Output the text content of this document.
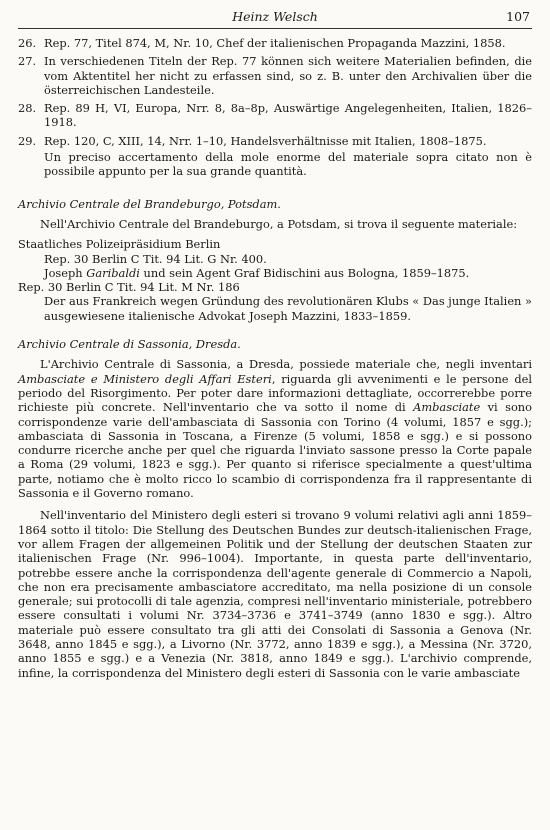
Heinz Welsch	107

26. Rep. 77, Titel 874, M, Nr. 10, Chef der italienischen Propaganda Mazzini, 1858.

27. In verschiedenen Titeln der Rep. 77 können sich weitere Materialien befinden, die vom Aktentitel her nicht zu erfassen sind, so z. B. unter den Archivalien über die österreichischen Landesteile.

28. Rep. 89 H, VI, Europa, Nrr. 8, 8a–8p, Auswärtige Angelegenheiten, Italien, 1826–1918.

29. Rep. 120, C, XIII, 14, Nrr. 1–10, Handelsverhältnisse mit Italien, 1808–1875.

Un preciso accertamento della mole enorme del materiale sopra citato non è possibile appunto per la sua grande quantità.

Archivio Centrale del Brandeburgo, Potsdam.

Nell'Archivio Centrale del Brandeburgo, a Potsdam, si trova il seguente materiale:

Staatliches Polizeipräsidium Berlin

Rep. 30 Berlin C Tit. 94 Lit. G Nr. 400.

Joseph Garibaldi und sein Agent Graf Bidischini aus Bologna, 1859–1875.

Rep. 30 Berlin C Tit. 94 Lit. M Nr. 186

Der aus Frankreich wegen Gründung des revolutionären Klubs « Das junge Italien » ausgewiesene italienische Advokat Joseph Mazzini, 1833–1859.

Archivio Centrale di Sassonia, Dresda.

L'Archivio Centrale di Sassonia, a Dresda, possiede materiale che, negli inventari Ambasciate e Ministero degli Affari Esteri, riguarda gli avvenimenti e le persone del periodo del Risorgimento. Per poter dare informazioni dettagliate, occorrerebbe porre richieste più concrete. Nell'inventario che va sotto il nome di Ambasciate vi sono corrispondenze varie dell'ambasciata di Sassonia con Torino (4 volumi, 1857 e sgg.); ambasciata di Sassonia in Toscana, a Firenze (5 volumi, 1858 e sgg.) e si possono condurre ricerche anche per quel che riguarda l'inviato sassone presso la Corte papale a Roma (29 volumi, 1823 e sgg.). Per quanto si riferisce specialmente a quest'ultima parte, notiamo che è molto ricco lo scambio di corrispondenza fra il rappresentante di Sassonia e il Governo romano.

Nell'inventario del Ministero degli esteri si trovano 9 volumi relativi agli anni 1859–1864 sotto il titolo: Die Stellung des Deutschen Bundes zur deutsch-italienischen Frage, vor allem Fragen der allgemeinen Politik und der Stellung der deutschen Staaten zur italienischen Frage (Nr. 996–1004). Importante, in questa parte dell'inventario, potrebbe essere anche la corrispondenza dell'agente generale di Commercio a Napoli, che non era precisamente ambasciatore accreditato, ma nella posizione di un console generale; sui protocolli di tale agenzia, compresi nell'inventario ministeriale, potrebbero essere consultati i volumi Nr. 3734–3736 e 3741–3749 (anno 1830 e sgg.). Altro materiale può essere consultato tra gli atti dei Consolati di Sassonia a Genova (Nr. 3648, anno 1845 e sgg.), a Livorno (Nr. 3772, anno 1839 e sgg.), a Messina (Nr. 3720, anno 1855 e sgg.) e a Venezia (Nr. 3818, anno 1849 e sgg.). L'archivio comprende, infine, la corrispondenza del Ministero degli esteri di Sassonia con le varie ambasciate
